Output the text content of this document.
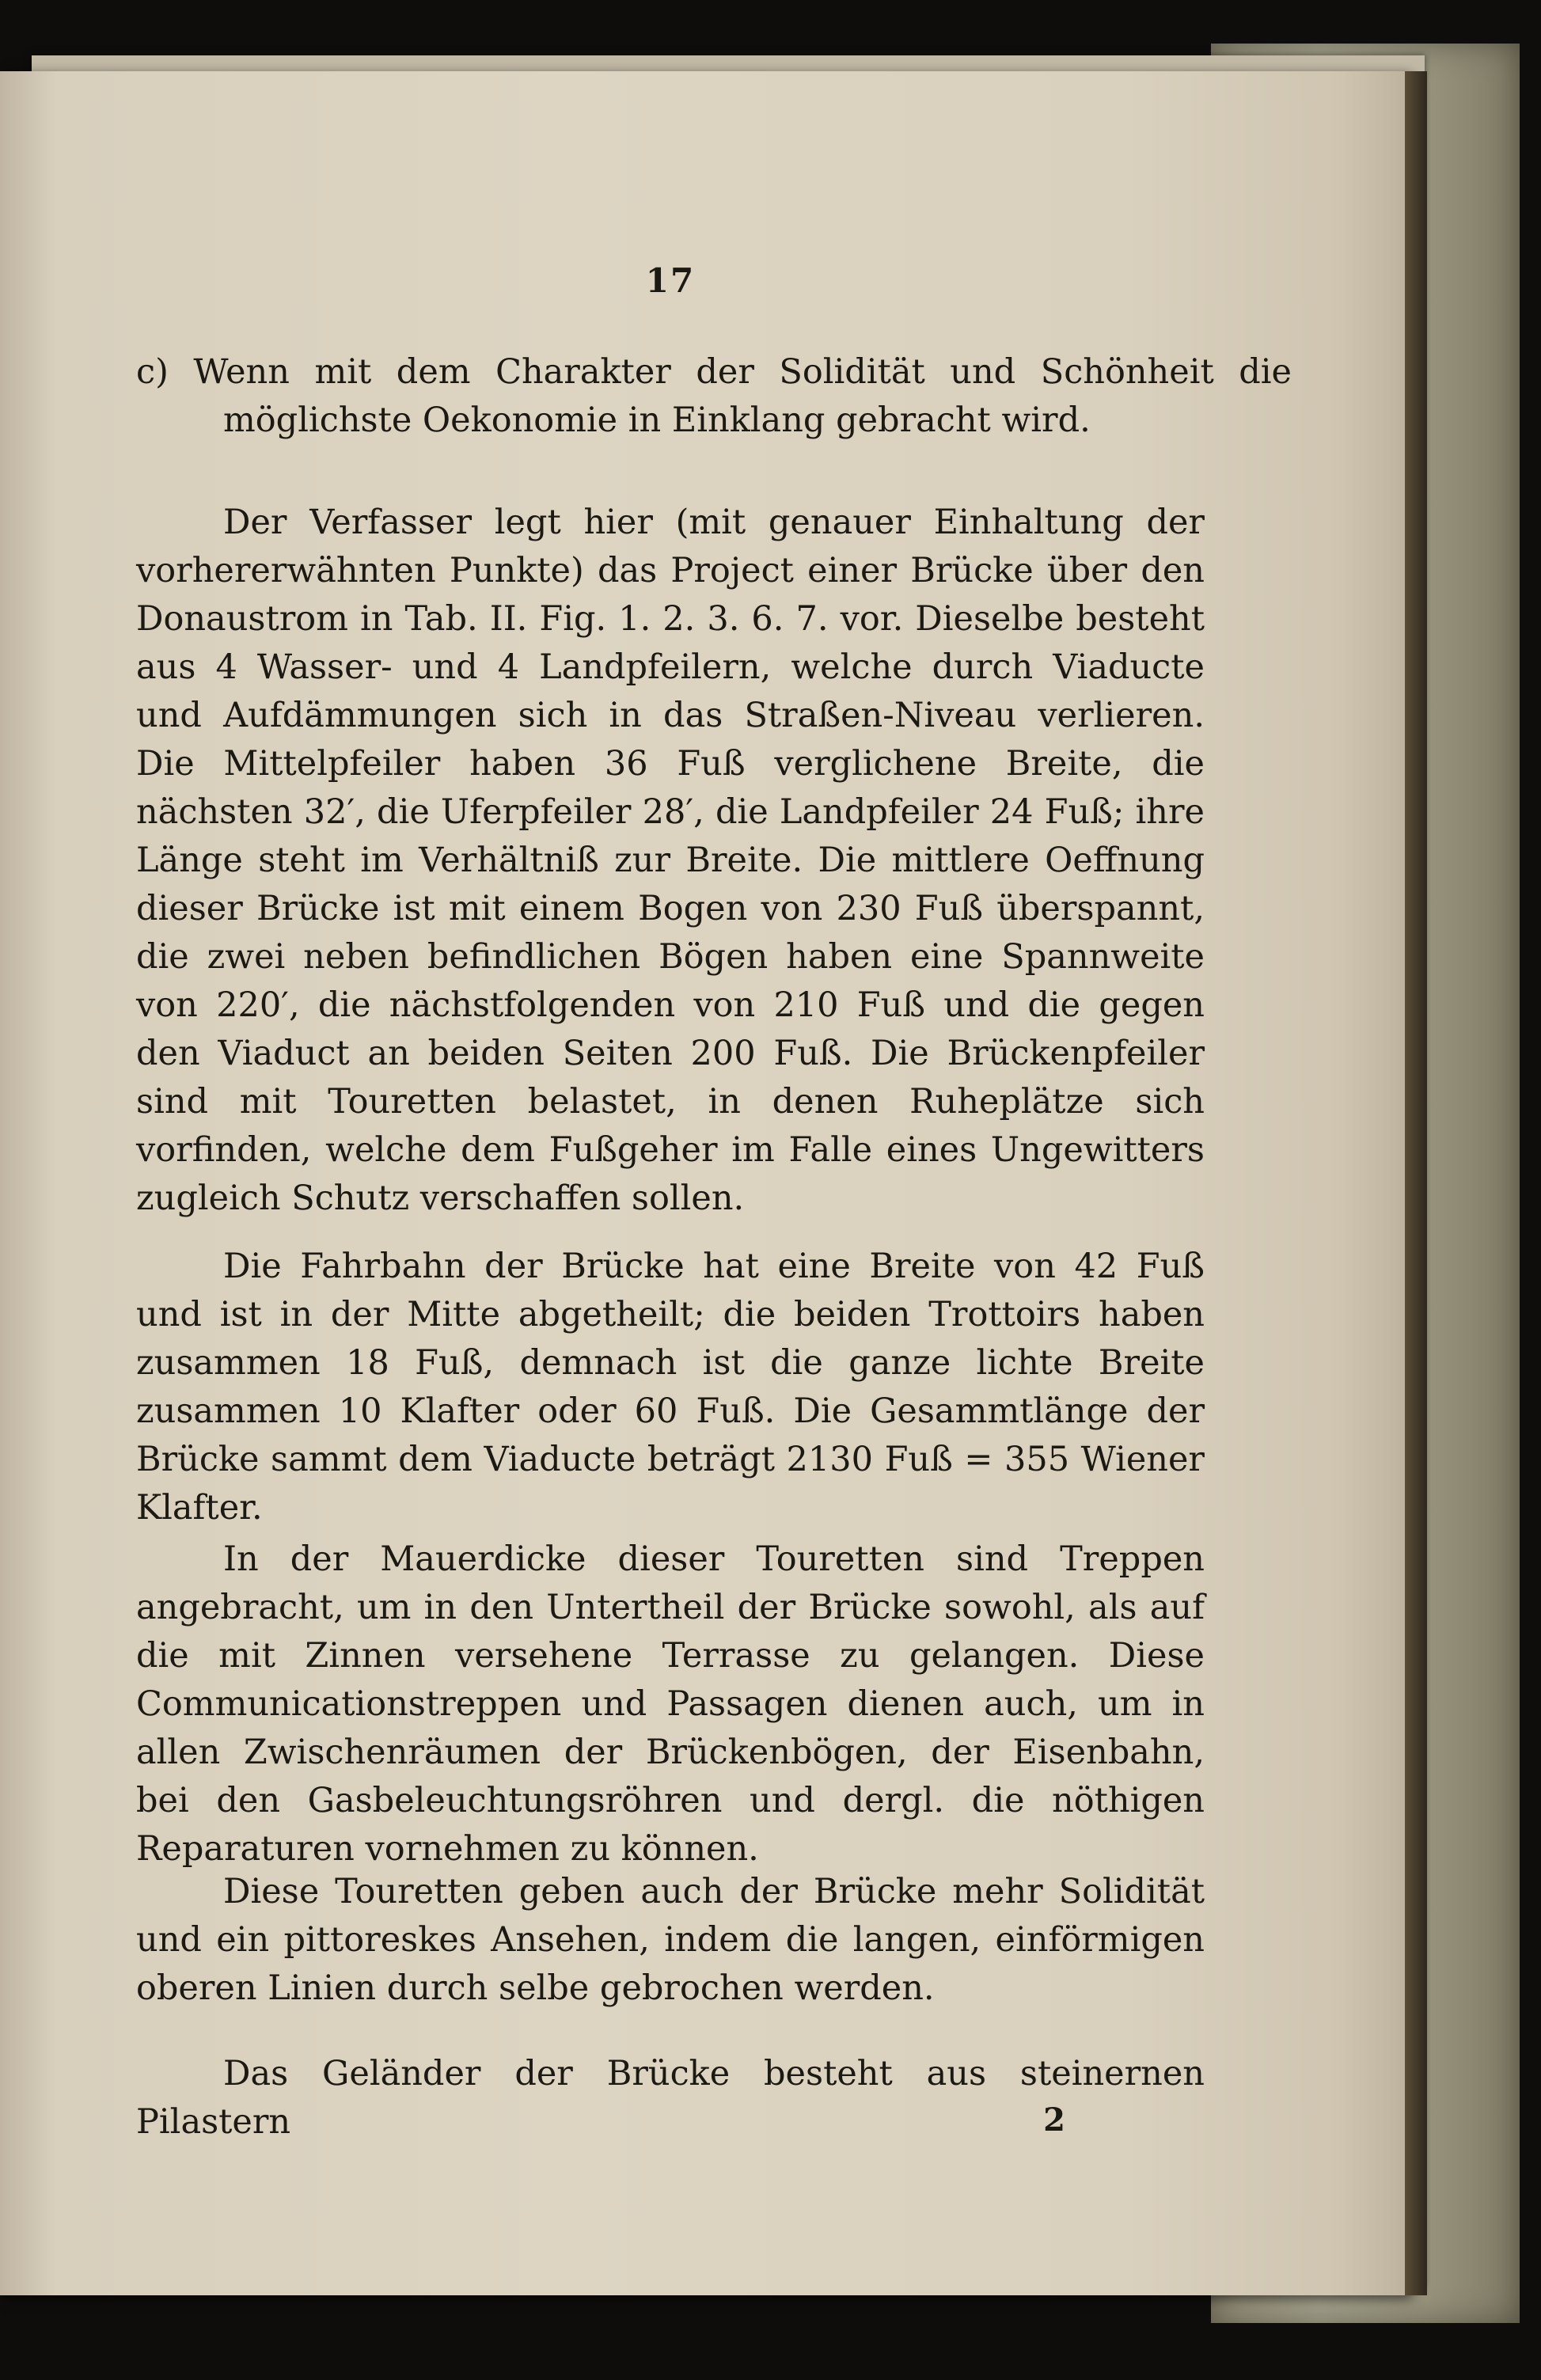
17
c) Wenn mit dem Charakter der Solidität und Schönheit die möglichste Oekonomie in Einklang gebracht wird.
Der Verfasser legt hier (mit genauer Einhaltung der vorhererwähnten Punkte) das Project einer Brücke über den Donaustrom in Tab. II. Fig. 1. 2. 3. 6. 7. vor. Dieselbe besteht aus 4 Wasser- und 4 Landpfeilern, welche durch Viaducte und Aufdämmungen sich in das Straßen-Niveau verlieren. Die Mittelpfeiler haben 36 Fuß verglichene Breite, die nächsten 32′, die Uferpfeiler 28′, die Landpfeiler 24 Fuß; ihre Länge steht im Verhältniß zur Breite. Die mittlere Oeffnung dieser Brücke ist mit einem Bogen von 230 Fuß überspannt, die zwei neben befindlichen Bögen haben eine Spannweite von 220′, die nächstfolgenden von 210 Fuß und die gegen den Viaduct an beiden Seiten 200 Fuß. Die Brückenpfeiler sind mit Touretten belastet, in denen Ruheplätze sich vorfinden, welche dem Fußgeher im Falle eines Ungewitters zugleich Schutz verschaffen sollen.
Die Fahrbahn der Brücke hat eine Breite von 42 Fuß und ist in der Mitte abgetheilt; die beiden Trottoirs haben zusammen 18 Fuß, demnach ist die ganze lichte Breite zusammen 10 Klafter oder 60 Fuß. Die Gesammtlänge der Brücke sammt dem Viaducte beträgt 2130 Fuß = 355 Wiener Klafter.
In der Mauerdicke dieser Touretten sind Treppen angebracht, um in den Untertheil der Brücke sowohl, als auf die mit Zinnen versehene Terrasse zu gelangen. Diese Communicationstreppen und Passagen dienen auch, um in allen Zwischenräumen der Brückenbögen, der Eisenbahn, bei den Gasbeleuchtungsröhren und dergl. die nöthigen Reparaturen vornehmen zu können.
Diese Touretten geben auch der Brücke mehr Solidität und ein pittoreskes Ansehen, indem die langen, einförmigen oberen Linien durch selbe gebrochen werden.
Das Geländer der Brücke besteht aus steinernen Pilastern	2
